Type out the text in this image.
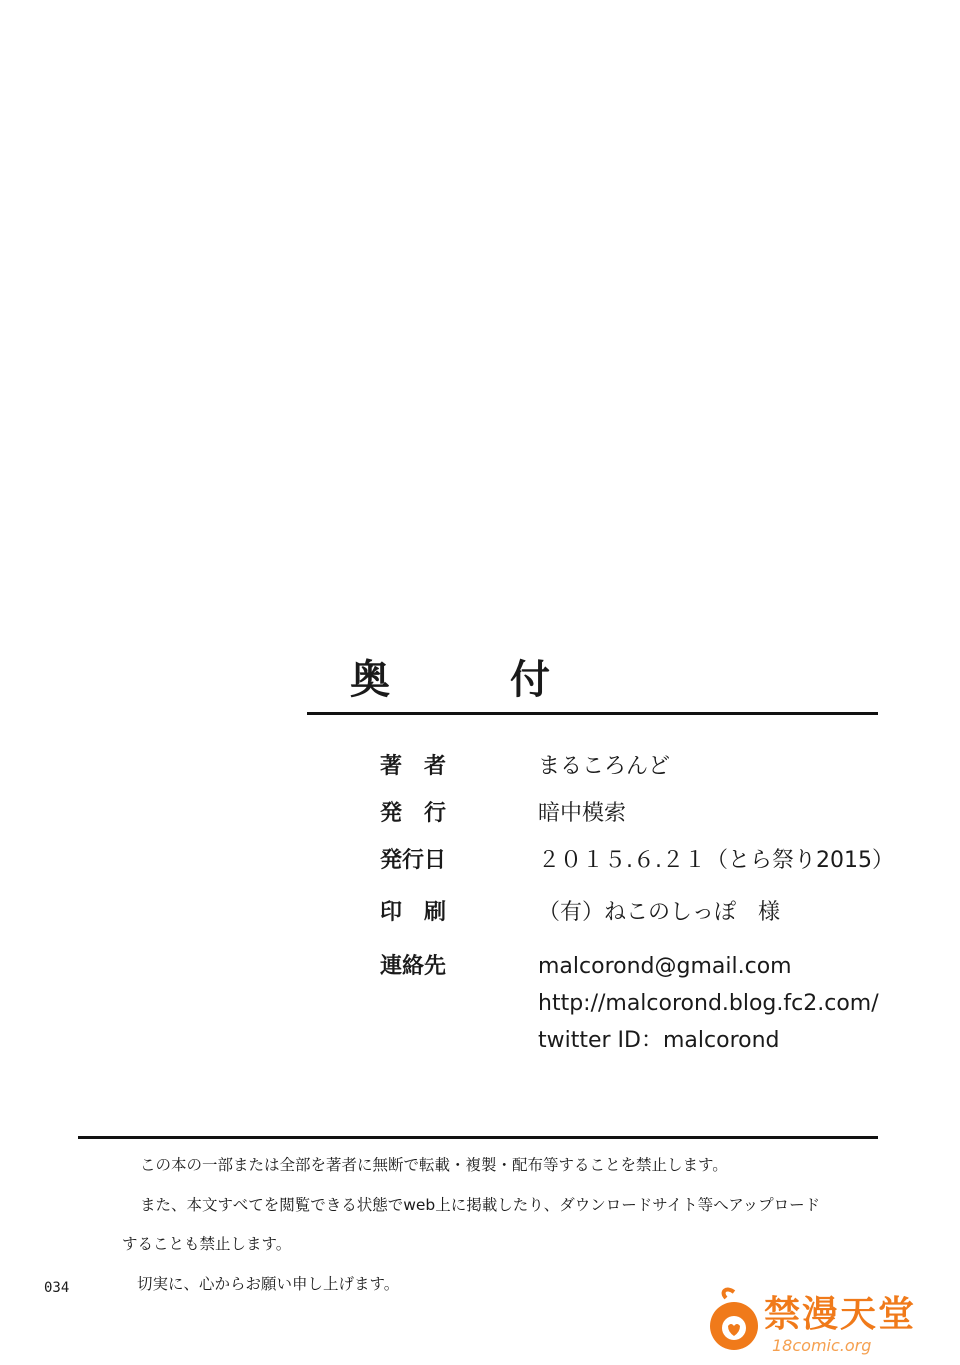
奥　付
著　者	まるころんど
発　行	暗中模索
発行日	２０１５.６.２１（とら祭り2015）
印　刷	（有）ねこのしっぽ　様
連絡先	malcorond@gmail.com
http://malcorond.blog.fc2.com/
twitter ID：malcorond
この本の一部または全部を著者に無断で転載・複製・配布等することを禁止します。
また、本文すべてを閲覧できる状態でweb上に掲載したり、ダウンロードサイト等へアップロード
することも禁止します。
切実に、心からお願い申し上げます。
034
禁漫天堂
18comic.org
